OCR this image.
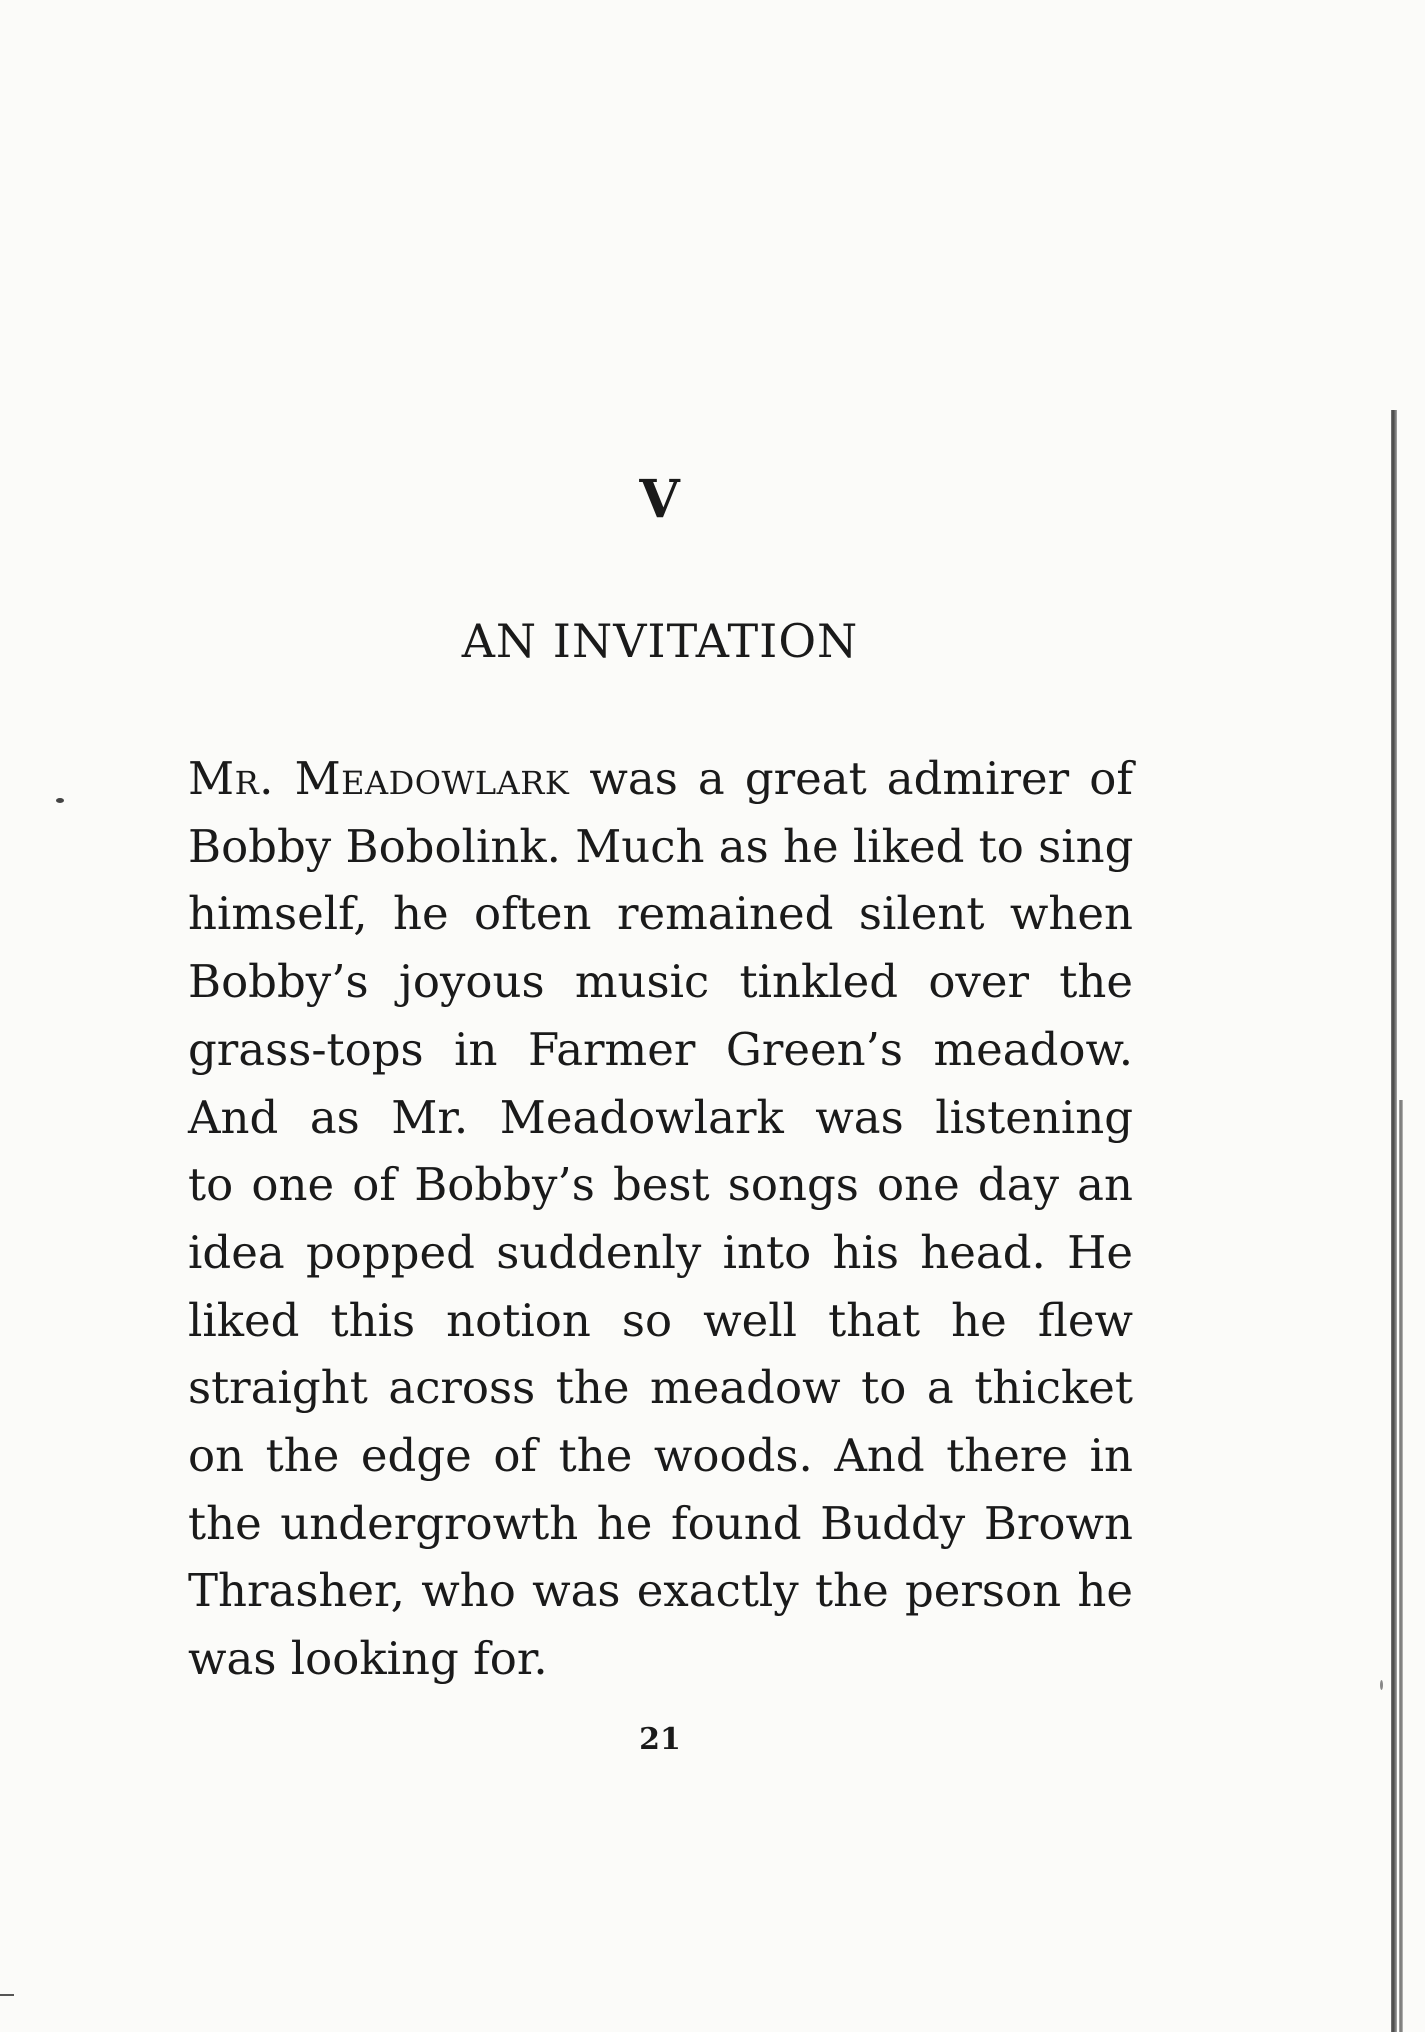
V
AN INVITATION
Mr. Meadowlark was a great admirer of
Bobby Bobolink. Much as he liked to sing
himself, he often remained silent when
Bobby’s joyous music tinkled over the
grass-tops in Farmer Green’s meadow.
And as Mr. Meadowlark was listening
to one of Bobby’s best songs one day an
idea popped suddenly into his head. He
liked this notion so well that he flew
straight across the meadow to a thicket
on the edge of the woods. And there in
the undergrowth he found Buddy Brown
Thrasher, who was exactly the person he
was looking for.
21
